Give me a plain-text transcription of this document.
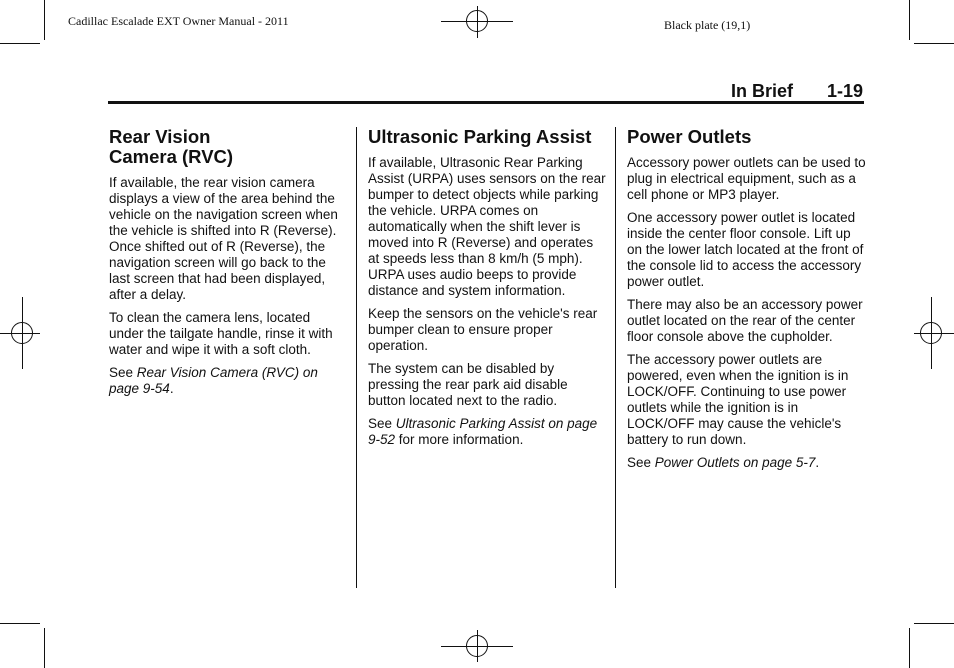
Cadillac Escalade EXT Owner Manual - 2011	Black plate (19,1)
In Brief 1-19
Rear Vision
Camera (RVC)

If available, the rear vision camera displays a view of the area behind the vehicle on the navigation screen when the vehicle is shifted into R (Reverse). Once shifted out of R (Reverse), the navigation screen will go back to the last screen that had been displayed, after a delay.

To clean the camera lens, located under the tailgate handle, rinse it with water and wipe it with a soft cloth.

See Rear Vision Camera (RVC) on page 9-54.

Ultrasonic Parking Assist

If available, Ultrasonic Rear Parking Assist (URPA) uses sensors on the rear bumper to detect objects while parking the vehicle. URPA comes on automatically when the shift lever is moved into R (Reverse) and operates at speeds less than 8 km/h (5 mph). URPA uses audio beeps to provide distance and system information.

Keep the sensors on the vehicle's rear bumper clean to ensure proper operation.

The system can be disabled by pressing the rear park aid disable button located next to the radio.

See Ultrasonic Parking Assist on page 9-52 for more information.

Power Outlets

Accessory power outlets can be used to plug in electrical equipment, such as a cell phone or MP3 player.

One accessory power outlet is located inside the center floor console. Lift up on the lower latch located at the front of the console lid to access the accessory power outlet.

There may also be an accessory power outlet located on the rear of the center floor console above the cupholder.

The accessory power outlets are powered, even when the ignition is in LOCK/OFF. Continuing to use power outlets while the ignition is in LOCK/OFF may cause the vehicle's battery to run down.

See Power Outlets on page 5-7.
